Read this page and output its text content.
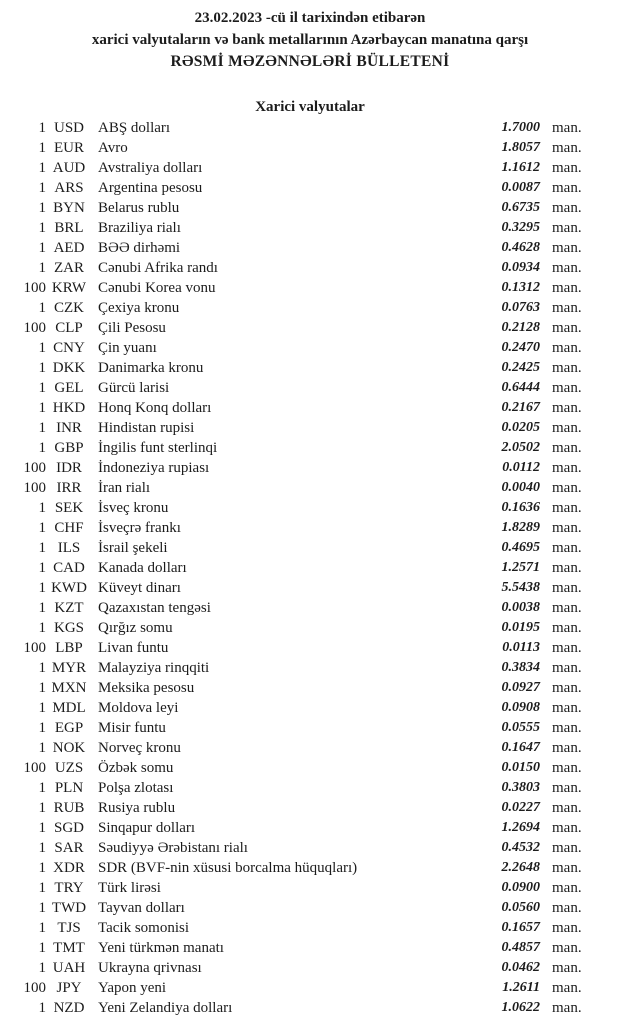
23.02.2023 -cü il tarixindən etibarən
xarici valyutaların və bank metallarının Azərbaycan manatına qarşı
RƏSMİ MƏZƏNNƏLƏRİ BÜLLETENİ
Xarici valyutalar
1 USD ABŞ dolları	1.7000 man.
1 EUR Avro	1.8057 man.
1 AUD Avstraliya dolları	1.1612 man.
1 ARS Argentina pesosu	0.0087 man.
1 BYN Belarus rublu	0.6735 man.
1 BRL Braziliya rialı	0.3295 man.
1 AED BƏƏ dirhəmi	0.4628 man.
1 ZAR Cənubi Afrika randı	0.0934 man.
100 KRW Cənubi Korea vonu	0.1312 man.
1 CZK Çexiya kronu	0.0763 man.
100 CLP	Çili Pesosu	0.2128 man.
1 CNY Çin yuanı	0.2470 man.
1 DKK Danimarka kronu	0.2425 man.
1 GEL Gürcü larisi	0.6444 man.
1 HKD Honq Konq dolları	0.2167 man.
1 INR	Hindistan rupisi	0.0205 man.
1 GBP İngilis funt sterlinqi	2.0502 man.
100 IDR	İndoneziya rupiası	0.0112 man.
100 IRR	İran rialı	0.0040 man.
1 SEK İsveç kronu	0.1636 man.
1 CHF İsveçrə frankı	1.8289 man.
1 ILS	İsrail şekeli	0.4695 man.
1 CAD Kanada dolları	1.2571 man.
1 KWD Küveyt dinarı	5.5438 man.
1 KZT Qazaxıstan tengəsi	0.0038 man.
1 KGS Qırğız somu	0.0195 man.
100 LBP	Livan funtu	0.0113 man.
1 MYR Malayziya rinqqiti	0.3834 man.
1 MXN Meksika pesosu	0.0927 man.
1 MDL Moldova leyi	0.0908 man.
1 EGP Misir funtu	0.0555 man.
1 NOK Norveç kronu	0.1647 man.
100 UZS Özbək somu	0.0150 man.
1 PLN Polşa zlotası	0.3803 man.
1 RUB Rusiya rublu	0.0227 man.
1 SGD Sinqapur dolları	1.2694 man.
1 SAR Səudiyyə Ərəbistanı rialı	0.4532 man.
1 XDR SDR (BVF-nin xüsusi borcalma hüquqları)	2.2648 man.
1 TRY Türk lirəsi	0.0900 man.
1 TWD Tayvan dolları	0.0560 man.
1 TJS	Tacik somonisi	0.1657 man.
1 TMT Yeni türkmən manatı	0.4857 man.
1 UAH Ukrayna qrivnası	0.0462 man.
100 JPY	Yapon yeni	1.2611 man.
1 NZD Yeni Zelandiya dolları	1.0622 man.
